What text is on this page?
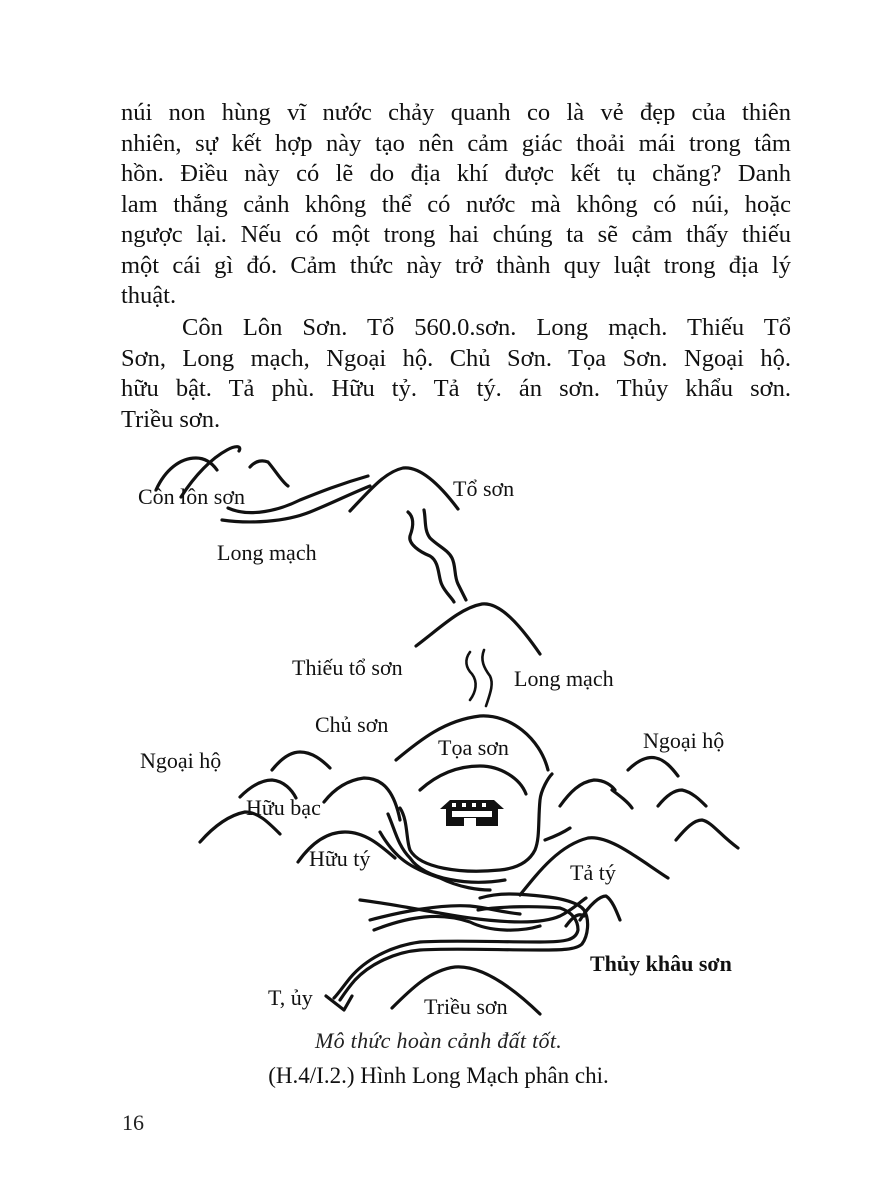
núi non hùng vĩ nước chảy quanh co là vẻ đẹp của thiên
nhiên, sự kết hợp này tạo nên cảm giác thoải mái trong tâm
hồn. Điều này có lẽ do địa khí được kết tụ chăng? Danh
lam thắng cảnh không thể có nước mà không có núi, hoặc
ngược lại. Nếu có một trong hai chúng ta sẽ cảm thấy thiếu
một cái gì đó. Cảm thức này trở thành quy luật trong địa lý
thuật.
Côn Lôn Sơn. Tổ 560.0.sơn. Long mạch. Thiếu Tổ
Sơn, Long mạch, Ngoại hộ. Chủ Sơn. Tọa Sơn. Ngoại hộ.
hữu bật. Tả phù. Hữu tỷ. Tả tý. án sơn. Thủy khẩu sơn.
Triều sơn.
Côn lôn sơn	Tổ sơn
Long mạch
Thiếu tổ sơn	Long mạch
Chủ sơn
Tọa sơn
Ngoại hộ
Ngoại hộ
Hữu bạc
Hữu tý
Tả tý
Thủy khâu sơn
T, ủy	Triều sơn
Mô thức hoàn cảnh đất tốt.
(H.4/I.2.) Hình Long Mạch phân chi.
16
